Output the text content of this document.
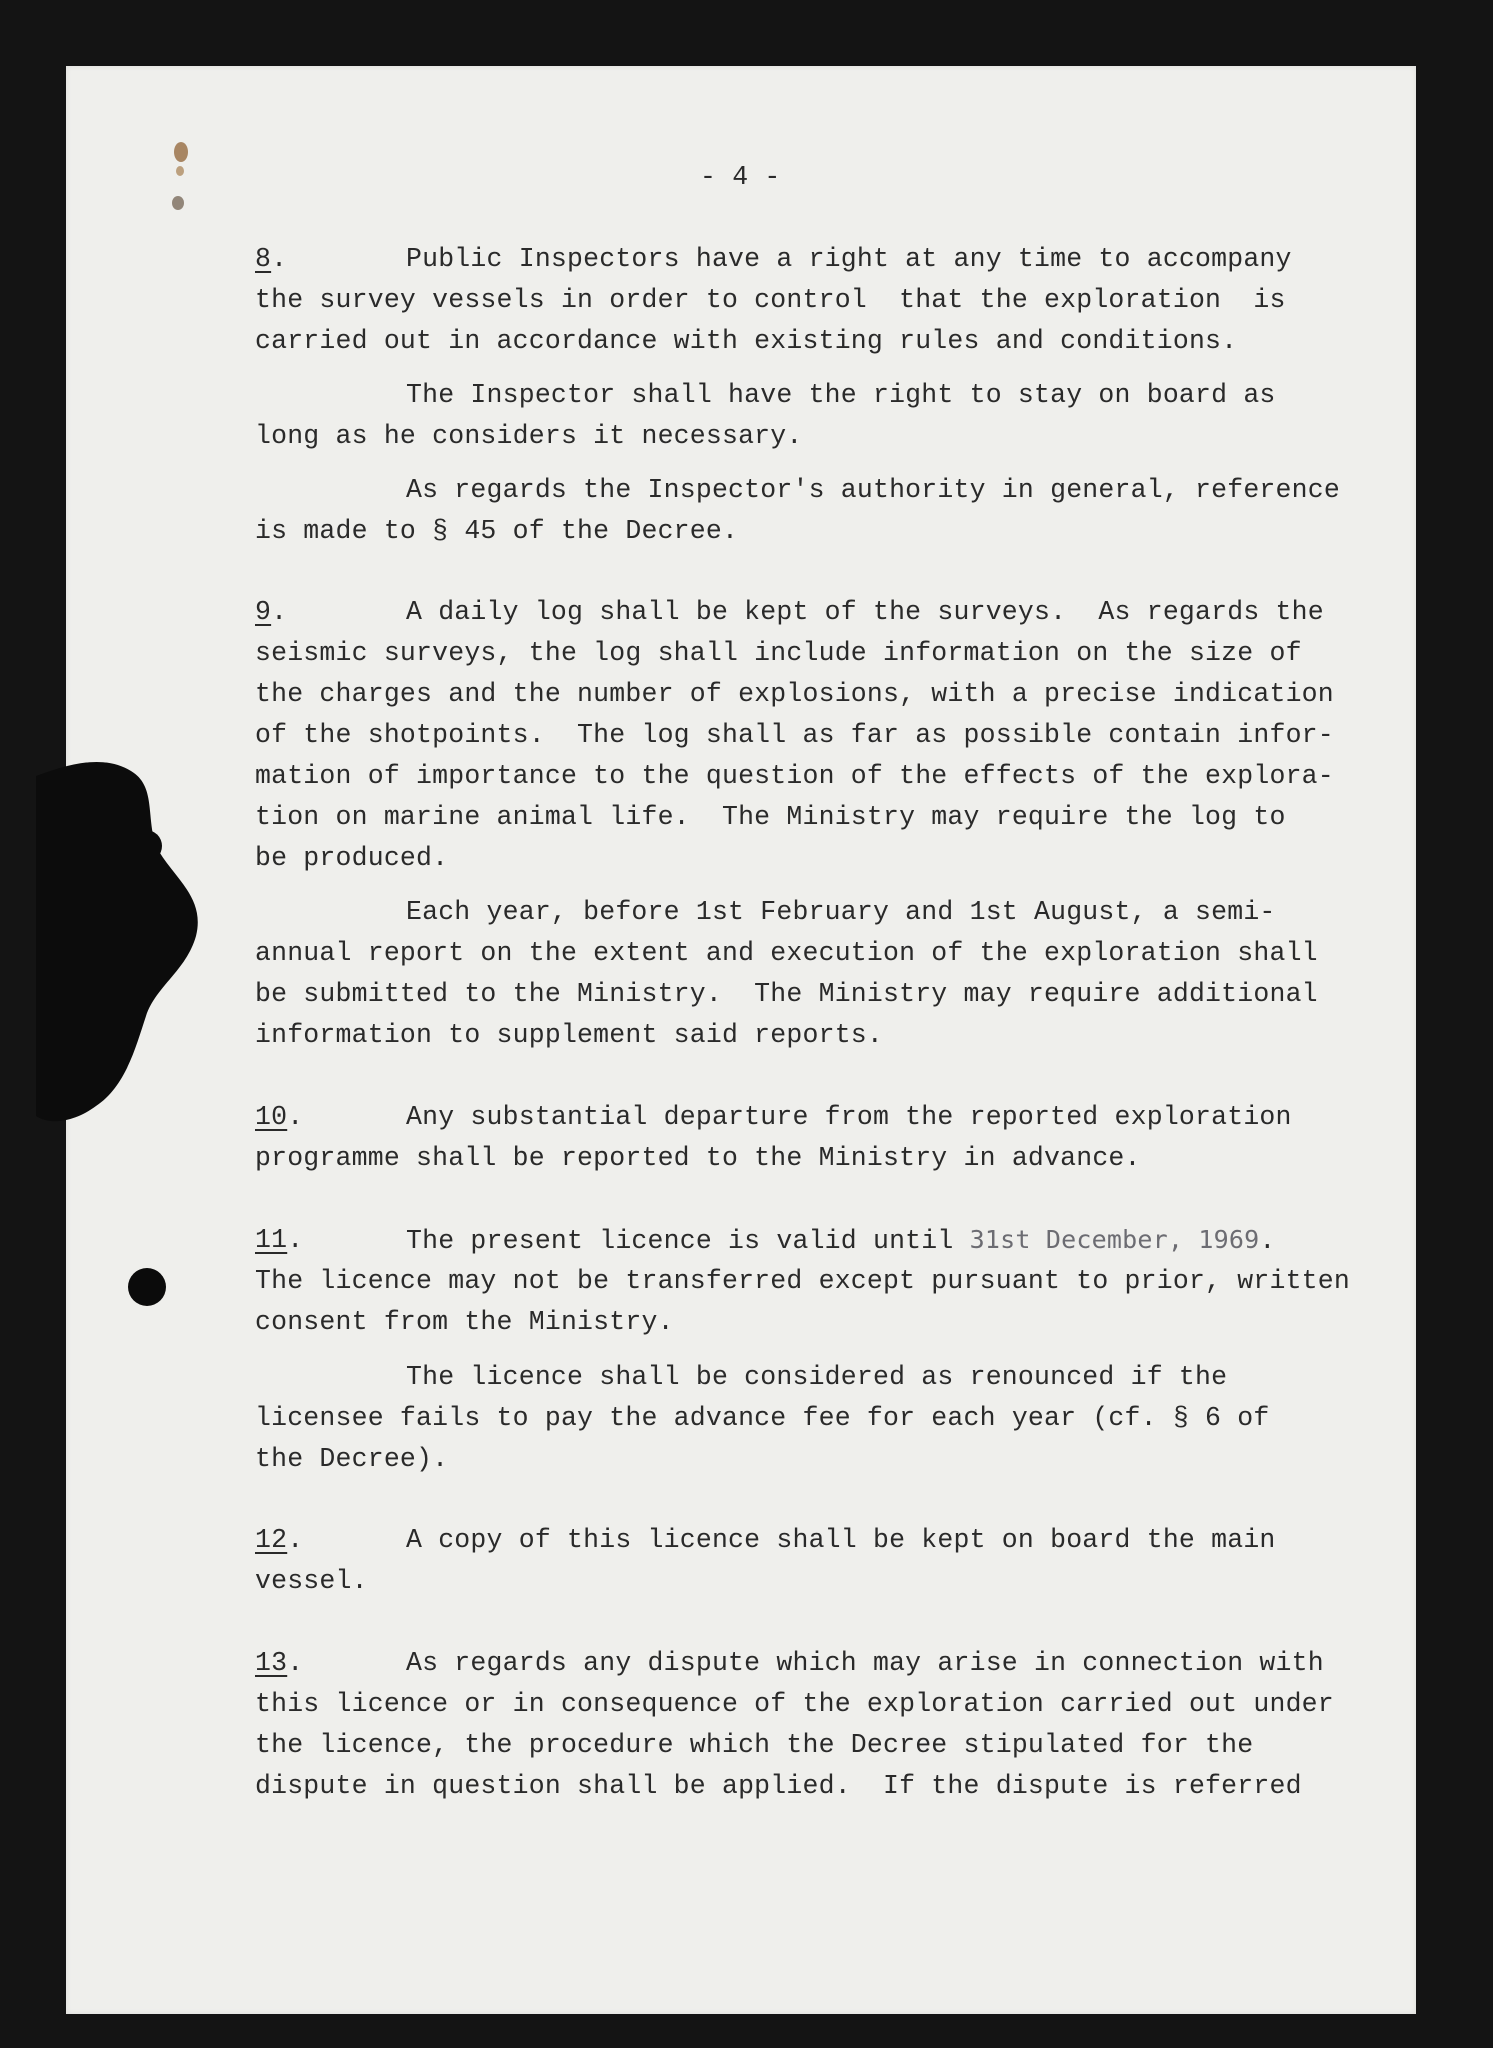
- 4 -

8.

	Public Inspectors have a right at any time to accompany

the survey vessels in order to control  that the exploration  is

carried out in accordance with existing rules and conditions.

The Inspector shall have the right to stay on board as

long as he considers it necessary.

As regards the Inspector's authority in general, reference

is made to § 45 of the Decree.

9.

	A daily log shall be kept of the surveys.  As regards the

seismic surveys, the log shall include information on the size of

the charges and the number of explosions, with a precise indication

of the shotpoints.  The log shall as far as possible contain infor-

mation of importance to the question of the effects of the explora-

tion on marine animal life.  The Ministry may require the log to

be produced.

Each year, before 1st February and 1st August, a semi-

annual report on the extent and execution of the exploration shall

be submitted to the Ministry.  The Ministry may require additional

information to supplement said reports.

10.

	Any substantial departure from the reported exploration

programme shall be reported to the Ministry in advance.

11.

	The present licence is valid until 31st December, 1969.

The licence may not be transferred except pursuant to prior, written

consent from the Ministry.

The licence shall be considered as renounced if the

licensee fails to pay the advance fee for each year (cf. § 6 of

the Decree).

12.

	A copy of this licence shall be kept on board the main

vessel.

13.

	As regards any dispute which may arise in connection with

this licence or in consequence of the exploration carried out under

the licence, the procedure which the Decree stipulated for the

dispute in question shall be applied.  If the dispute is referred
